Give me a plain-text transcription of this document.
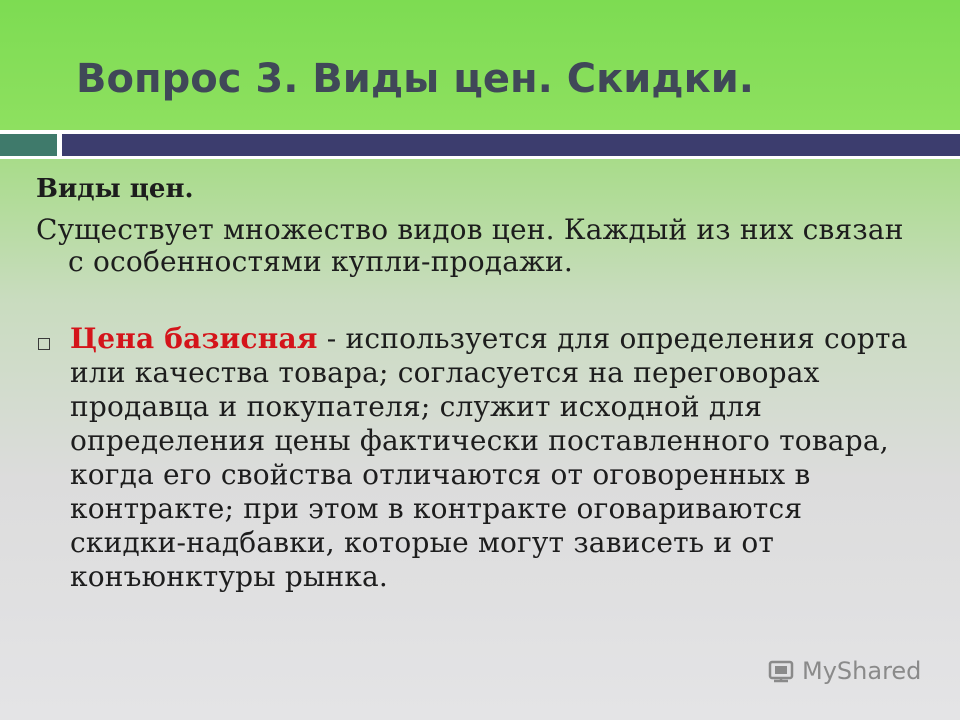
Вопрос 3. Виды цен. Скидки.

Виды цен.

Существует множество видов цен. Каждый из них связан с особенностями купли-продажи.

Цена базисная - используется для определения сорта или качества товара; согласуется на переговорах продавца и покупателя; служит исходной для определения цены фактически поставленного товара, когда его свойства отличаются от оговоренных в контракте; при этом в контракте оговариваются скидки-надбавки, которые могут зависеть и от конъюнктуры рынка.
MyShared
